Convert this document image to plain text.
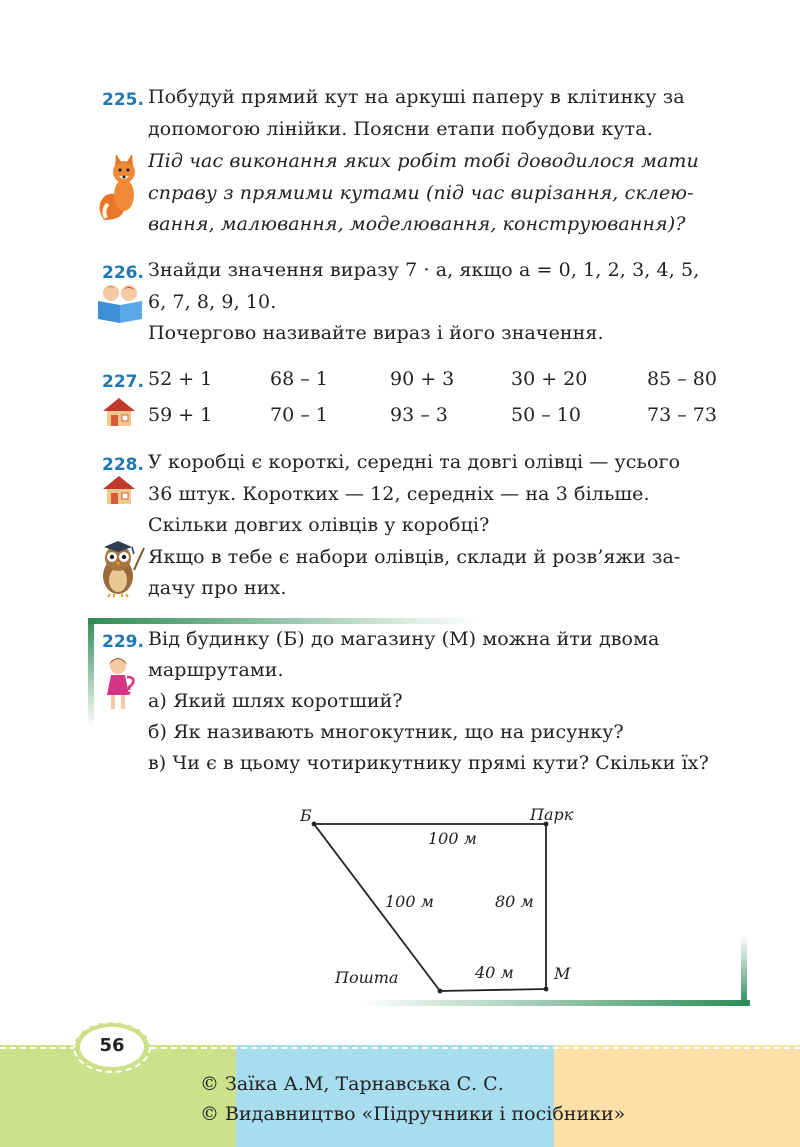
225. Побудуй прямий кут на аркуші паперу в клітинку за
допомогою лінійки. Поясни етапи побудови кута.
Під час виконання яких робіт тобі доводилося мати
справу з прямими кутами (під час вирізання, склею-
вання, малювання, моделювання, конструювання)?
226. Знайди значення виразу 7 · a, якщо a = 0, 1, 2, 3, 4, 5,
6, 7, 8, 9, 10.
Почергово називайте вираз і його значення.
227. 52 + 1	68 – 1	90 + 3	30 + 20	85 – 80
59 + 1	70 – 1	93 – 3	50 – 10	73 – 73
228. У коробці є короткі, середні та довгі олівці — усього
36 штук. Коротких — 12, середніх — на 3 більше.
Скільки довгих олівців у коробці?
Якщо в тебе є набори олівців, склади й розв’яжи за-
дачу про них.
229. Від будинку (Б) до магазину (М) можна йти двома
маршрутами.
а) Який шлях коротший?
б) Як називають многокутник, що на рисунку?
в) Чи є в цьому чотирикутнику прямі кути? Скільки їх?
Б	Парк
Пошта	М
100 м
100 м	80 м
40 м
56
© Заїка А.М, Тарнавська С. С.
© Видавництво «Підручники і посібники»
